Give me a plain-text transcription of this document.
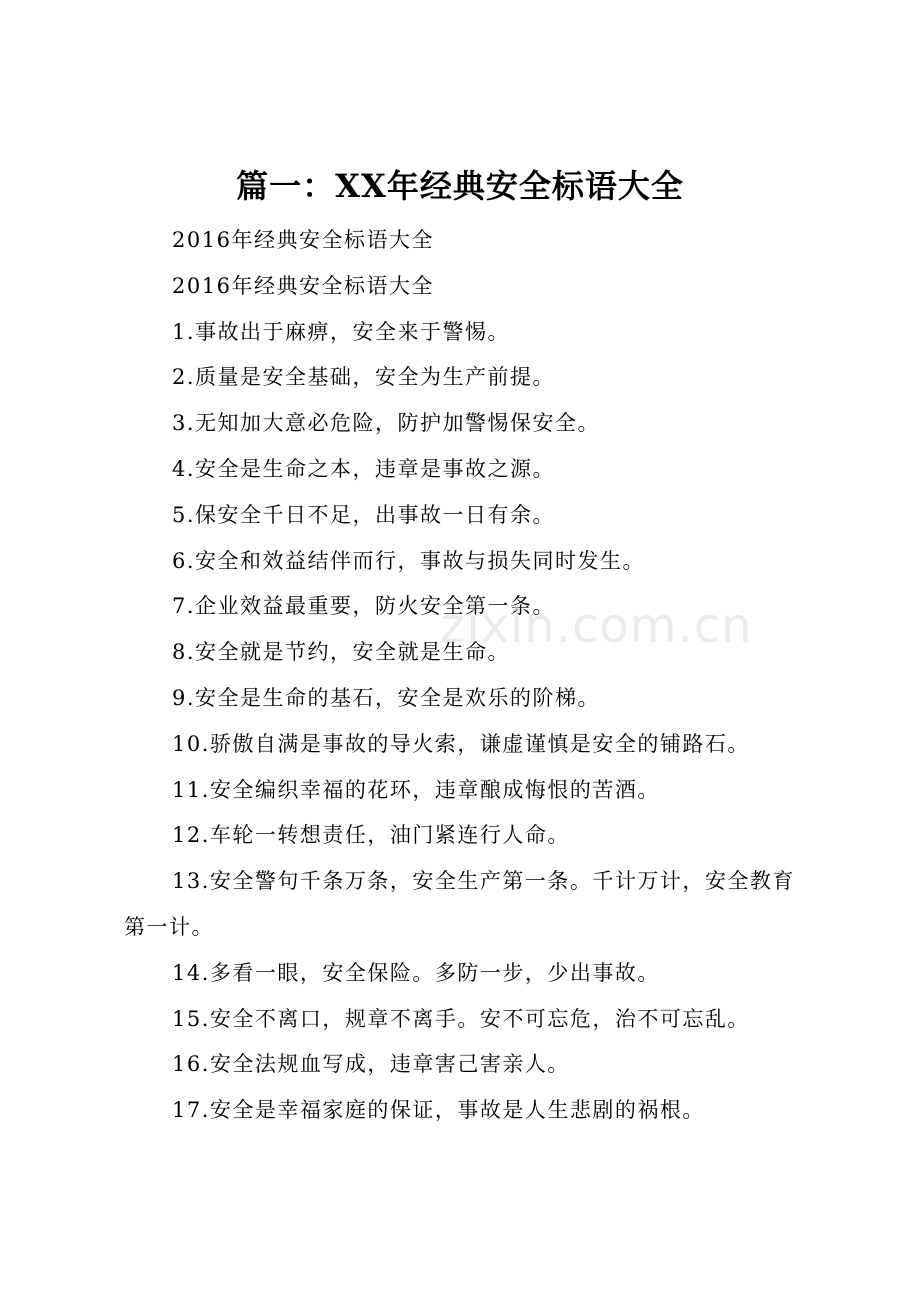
篇一：XX年经典安全标语大全

2016年经典安全标语大全

2016年经典安全标语大全

1.事故出于麻痹，安全来于警惕。

2.质量是安全基础，安全为生产前提。

3.无知加大意必危险，防护加警惕保安全。

4.安全是生命之本，违章是事故之源。

5.保安全千日不足，出事故一日有余。

6.安全和效益结伴而行，事故与损失同时发生。

7.企业效益最重要，防火安全第一条。

8.安全就是节约，安全就是生命。

9.安全是生命的基石，安全是欢乐的阶梯。

10.骄傲自满是事故的导火索，谦虚谨慎是安全的铺路石。

11.安全编织幸福的花环，违章酿成悔恨的苦酒。

12.车轮一转想责任，油门紧连行人命。

13.安全警句千条万条，安全生产第一条。千计万计，安全教育第一计。

14.多看一眼，安全保险。多防一步，少出事故。

15.安全不离口，规章不离手。安不可忘危，治不可忘乱。

16.安全法规血写成，违章害己害亲人。

17.安全是幸福家庭的保证，事故是人生悲剧的祸根。

zixin.com.cn
